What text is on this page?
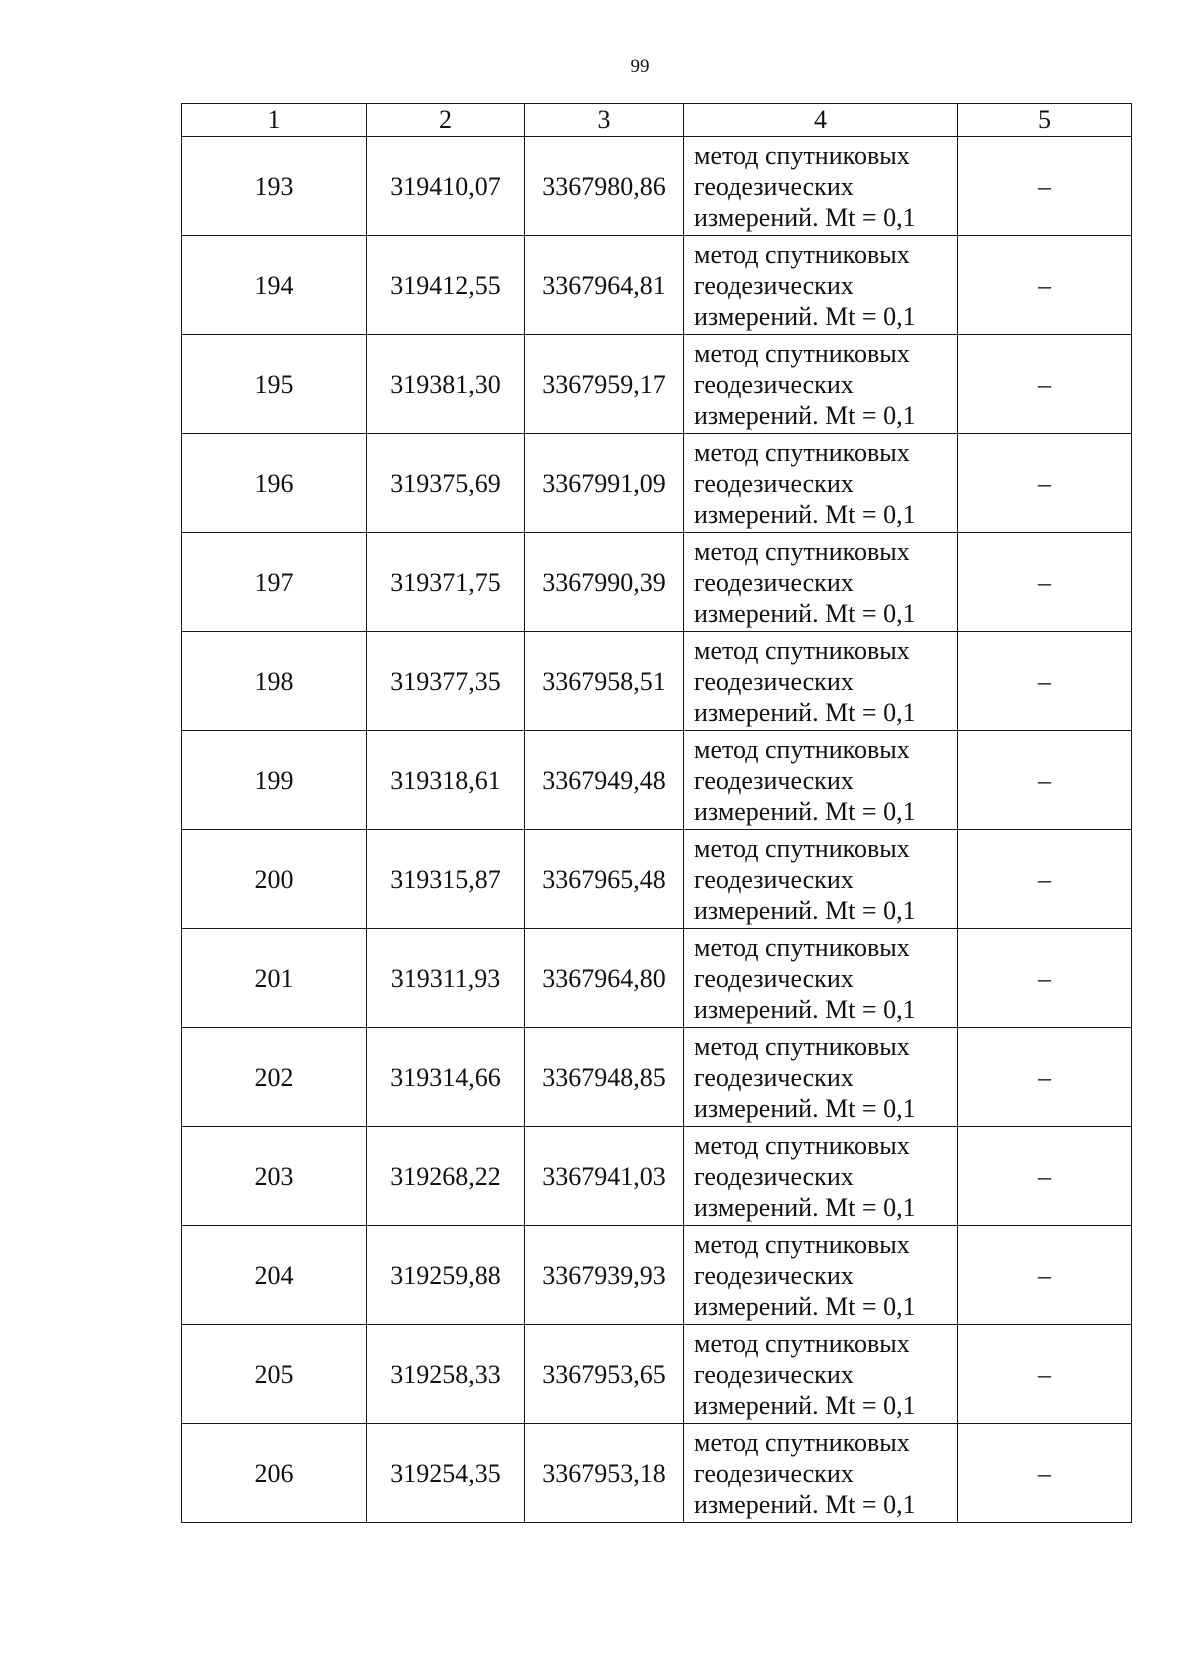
99
1	2	3	4	5
193	319410,07	3367980,86	метод спутниковых
геодезических
измерений. Mt = 0,1	–
194	319412,55	3367964,81	метод спутниковых
геодезических
измерений. Mt = 0,1	–
195	319381,30	3367959,17	метод спутниковых
геодезических
измерений. Mt = 0,1	–
196	319375,69	3367991,09	метод спутниковых
геодезических
измерений. Mt = 0,1	–
197	319371,75	3367990,39	метод спутниковых
геодезических
измерений. Mt = 0,1	–
198	319377,35	3367958,51	метод спутниковых
геодезических
измерений. Mt = 0,1	–
199	319318,61	3367949,48	метод спутниковых
геодезических
измерений. Mt = 0,1	–
200	319315,87	3367965,48	метод спутниковых
геодезических
измерений. Mt = 0,1	–
201	319311,93	3367964,80	метод спутниковых
геодезических
измерений. Mt = 0,1	–
202	319314,66	3367948,85	метод спутниковых
геодезических
измерений. Mt = 0,1	–
203	319268,22	3367941,03	метод спутниковых
геодезических
измерений. Mt = 0,1	–
204	319259,88	3367939,93	метод спутниковых
геодезических
измерений. Mt = 0,1	–
205	319258,33	3367953,65	метод спутниковых
геодезических
измерений. Mt = 0,1	–
206	319254,35	3367953,18	метод спутниковых
геодезических
измерений. Mt = 0,1	–
